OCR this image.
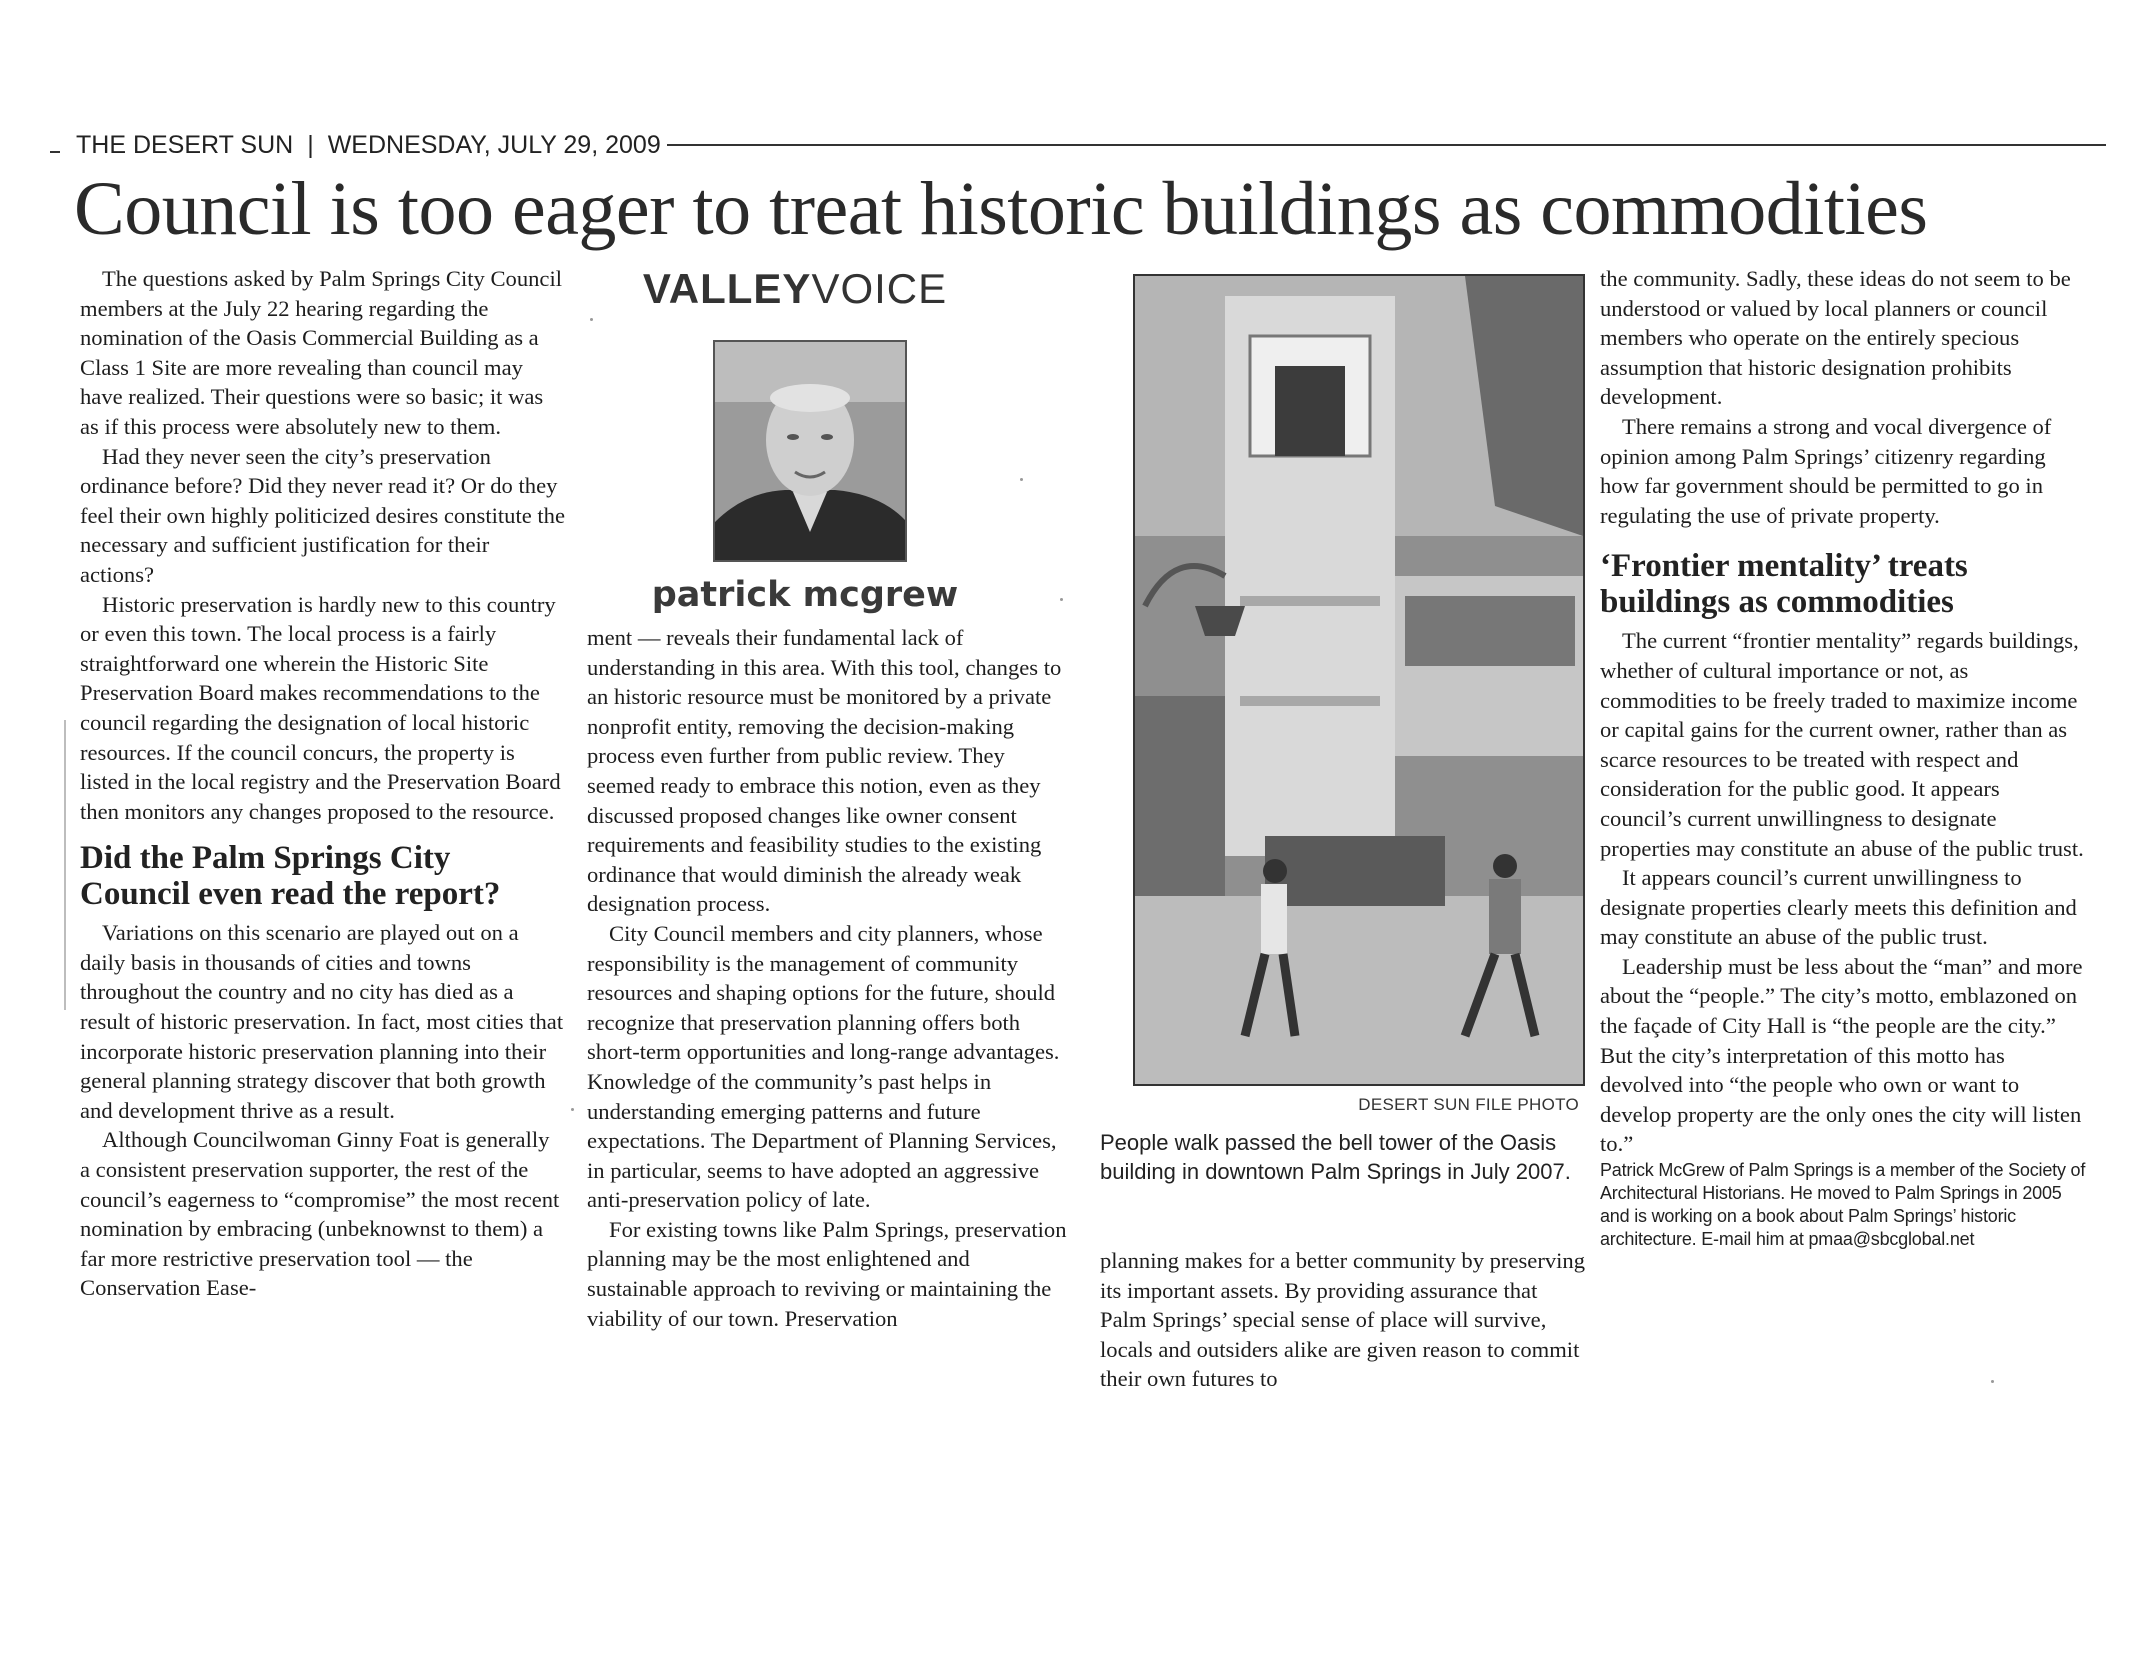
THE DESERT SUN | WEDNESDAY, JULY 29, 2009
Council is too eager to treat historic buildings as commodities

The questions asked by Palm Springs City Council members at the July 22 hearing regarding the nomination of the Oasis Commercial Building as a Class 1 Site are more revealing than council may have realized. Their questions were so basic; it was as if this process were absolutely new to them.

Had they never seen the city’s preservation ordinance before? Did they never read it? Or do they feel their own highly politicized desires constitute the necessary and sufficient justification for their actions?

Historic preservation is hardly new to this country or even this town. The local process is a fairly straightforward one wherein the Historic Site Preservation Board makes recommendations to the council regarding the designation of local historic resources. If the council concurs, the property is listed in the local registry and the Preservation Board then monitors any changes proposed to the resource.

Did the Palm Springs City Council even read the report?

Variations on this scenario are played out on a daily basis in thousands of cities and towns throughout the country and no city has died as a result of historic preservation. In fact, most cities that incorporate historic preservation planning into their general planning strategy discover that both growth and development thrive as a result.

Although Councilwoman Ginny Foat is generally a consistent preservation supporter, the rest of the council’s eagerness to “compromise” the most recent nomination by embracing (unbeknownst to them) a far more restrictive preservation tool — the Conservation Ease-

VALLEYVOICE
patrick mcgrew

ment — reveals their fundamental lack of understanding in this area. With this tool, changes to an historic resource must be monitored by a private nonprofit entity, removing the decision-making process even further from public review. They seemed ready to embrace this notion, even as they discussed proposed changes like owner consent requirements and feasibility studies to the existing ordinance that would diminish the already weak designation process.

City Council members and city planners, whose responsibility is the management of community resources and shaping options for the future, should recognize that preservation planning offers both short-term opportunities and long-range advantages. Knowledge of the community’s past helps in understanding emerging patterns and future expectations. The Department of Planning Services, in particular, seems to have adopted an aggressive anti-preservation policy of late.

For existing towns like Palm Springs, preservation planning may be the most enlightened and sustainable approach to reviving or maintaining the viability of our town. Preservation

DESERT SUN FILE PHOTO
People walk passed the bell tower of the Oasis building in downtown Palm Springs in July 2007.

planning makes for a better community by preserving its important assets. By providing assurance that Palm Springs’ special sense of place will survive, locals and outsiders alike are given reason to commit their own futures to

the community. Sadly, these ideas do not seem to be understood or valued by local planners or council members who operate on the entirely specious assumption that historic designation prohibits development.

There remains a strong and vocal divergence of opinion among Palm Springs’ citizenry regarding how far government should be permitted to go in regulating the use of private property.

‘Frontier mentality’ treats buildings as commodities

The current “frontier mentality” regards buildings, whether of cultural importance or not, as commodities to be freely traded to maximize income or capital gains for the current owner, rather than as scarce resources to be treated with respect and consideration for the public good. It appears council’s current unwillingness to designate properties may constitute an abuse of the public trust.

It appears council’s current unwillingness to designate properties clearly meets this definition and may constitute an abuse of the public trust.

Leadership must be less about the “man” and more about the “people.” The city’s motto, emblazoned on the façade of City Hall is “the people are the city.” But the city’s interpretation of this motto has devolved into “the people who own or want to develop property are the only ones the city will listen to.”

Patrick McGrew of Palm Springs is a member of the Society of Architectural Historians. He moved to Palm Springs in 2005 and is working on a book about Palm Springs’ historic architecture. E-mail him at pmaa@sbcglobal.net
